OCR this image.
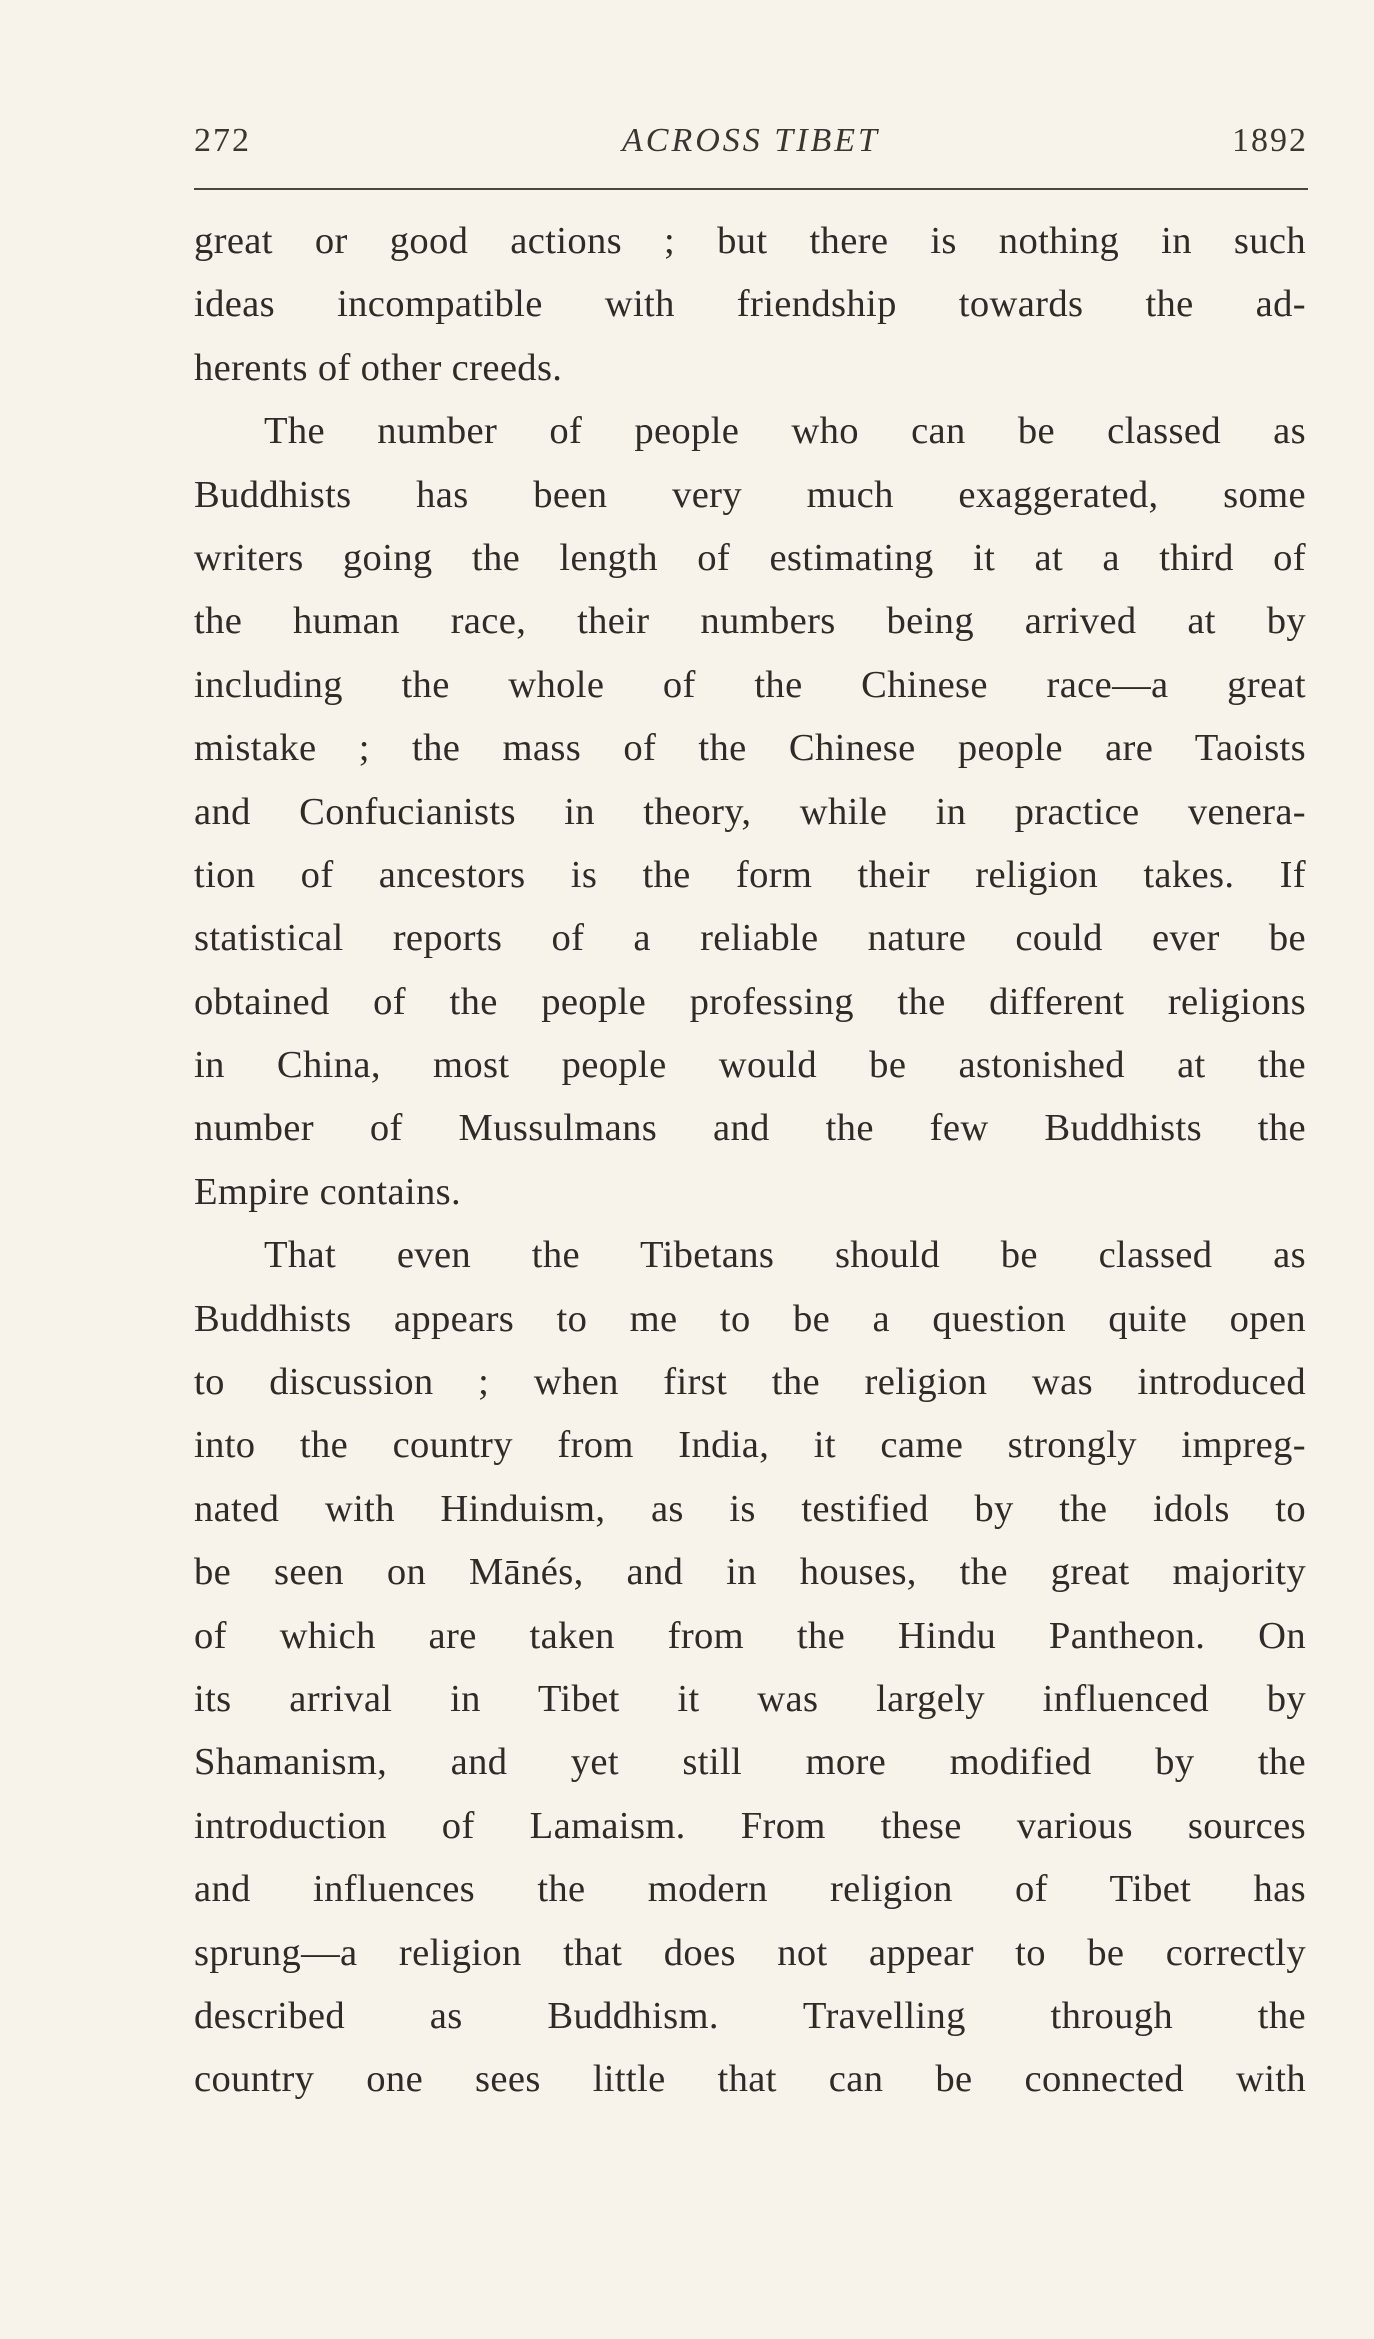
272	ACROSS TIBET	1892
great or good actions ; but there is nothing in such
ideas incompatible with friendship towards the ad-
herents of other creeds.
The number of people who can be classed as
Buddhists has been very much exaggerated, some
writers going the length of estimating it at a third of
the human race, their numbers being arrived at by
including the whole of the Chinese race—a great
mistake ; the mass of the Chinese people are Taoists
and Confucianists in theory, while in practice venera-
tion of ancestors is the form their religion takes. If
statistical reports of a reliable nature could ever be
obtained of the people professing the different religions
in China, most people would be astonished at the
number of Mussulmans and the few Buddhists the
Empire contains.
That even the Tibetans should be classed as
Buddhists appears to me to be a question quite open
to discussion ; when first the religion was introduced
into the country from India, it came strongly impreg-
nated with Hinduism, as is testified by the idols to
be seen on Mānés, and in houses, the great majority
of which are taken from the Hindu Pantheon. On
its arrival in Tibet it was largely influenced by
Shamanism, and yet still more modified by the
introduction of Lamaism. From these various sources
and influences the modern religion of Tibet has
sprung—a religion that does not appear to be correctly
described as Buddhism. Travelling through the
country one sees little that can be connected with
